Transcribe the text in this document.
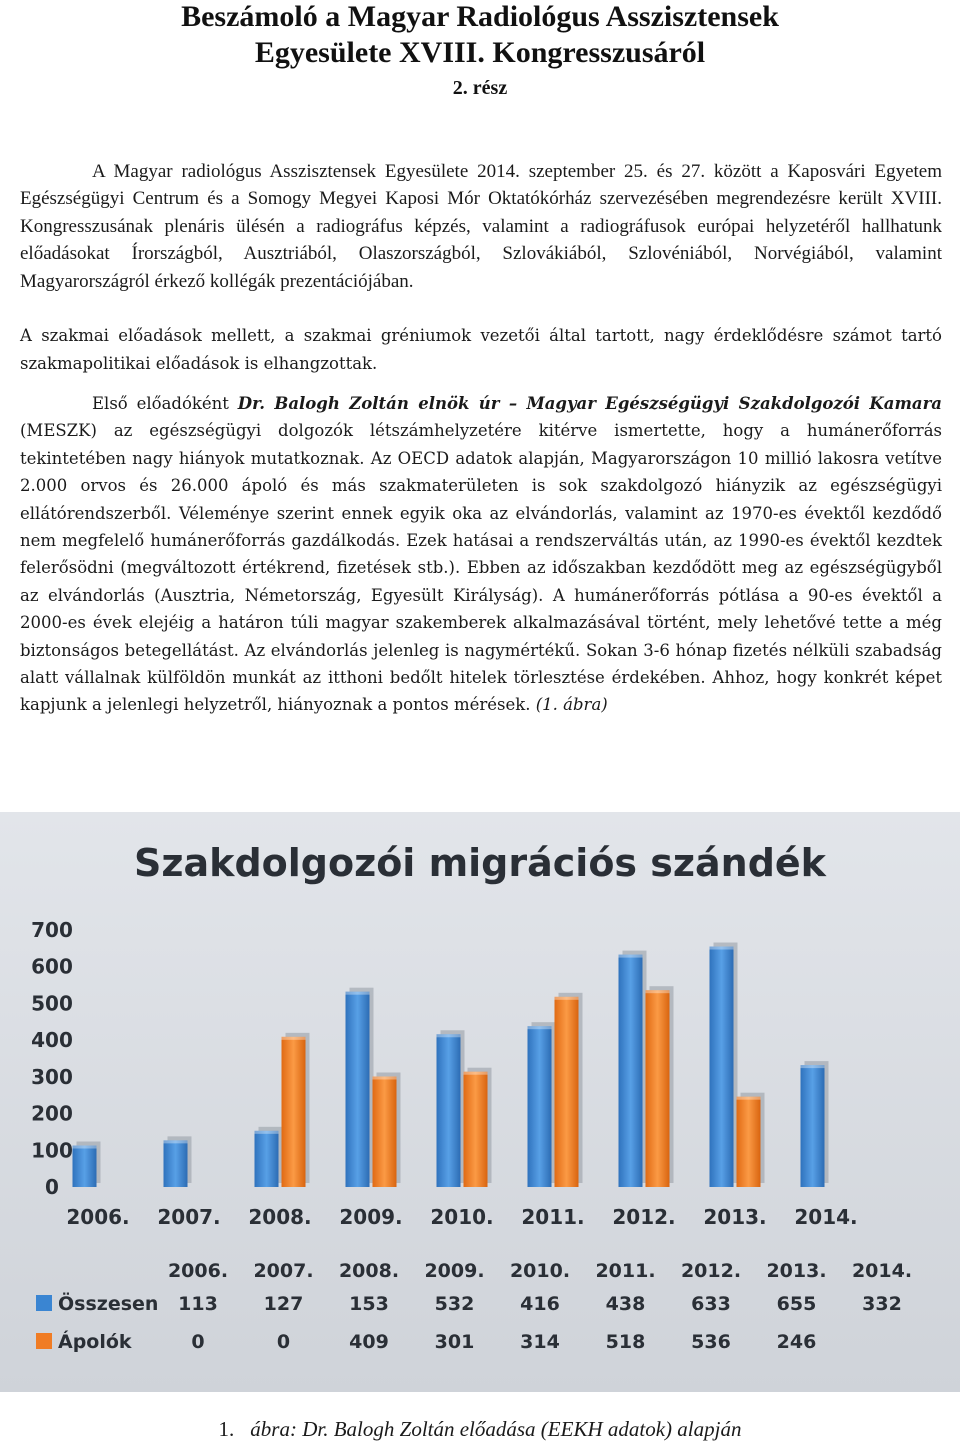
Beszámoló a Magyar Radiológus Asszisztensek
Egyesülete XVIII. Kongresszusáról
2. rész

A Magyar radiológus Asszisztensek Egyesülete 2014. szeptember 25. és 27. között a Kaposvári Egyetem Egészségügyi Centrum és a Somogy Megyei Kaposi Mór Oktatókórház szervezésében megrendezésre került XVIII. Kongresszusának plenáris ülésén a radiográfus képzés, valamint a radiográfusok európai helyzetéről hallhatunk előadásokat Írországból, Ausztriából, Olaszországból, Szlovákiából, Szlovéniából, Norvégiából, valamint Magyarországról érkező kollégák prezentációjában.

A szakmai előadások mellett, a szakmai gréniumok vezetői által tartott, nagy érdeklődésre számot tartó szakmapolitikai előadások is elhangzottak.

Első előadóként Dr. Balogh Zoltán elnök úr – Magyar Egészségügyi Szakdolgozói Kamara (MESZK) az egészségügyi dolgozók létszámhelyzetére kitérve ismertette, hogy a humánerőforrás tekintetében nagy hiányok mutatkoznak. Az OECD adatok alapján, Magyarországon 10 millió lakosra vetítve 2.000 orvos és 26.000 ápoló és más szakmaterületen is sok szakdolgozó hiányzik az egészségügyi ellátórendszerből. Véleménye szerint ennek egyik oka az elvándorlás, valamint az 1970-es évektől kezdődő nem megfelelő humánerőforrás gazdálkodás. Ezek hatásai a rendszerváltás után, az 1990-es évektől kezdtek felerősödni (megváltozott értékrend, fizetések stb.). Ebben az időszakban kezdődött meg az egészségügyből az elvándorlás (Ausztria, Németország, Egyesült Királyság). A humánerőforrás pótlása a 90-es évektől a 2000-es évek elejéig a határon túli magyar szakemberek alkalmazásával történt, mely lehetővé tette a még biztonságos betegellátást. Az elvándorlás jelenleg is nagymértékű. Sokan 3-6 hónap fizetés nélküli szabadság alatt vállalnak külföldön munkát az itthoni bedőlt hitelek törlesztése érdekében. Ahhoz, hogy konkrét képet kapjunk a jelenlegi helyzetről, hiányoznak a pontos mérések. (1. ábra)

Szakdolgozói migrációs szándék
0
100
200
300
400
500
600
700
2006. 2007. 2008. 2009. 2010. 2011. 2012. 2013. 2014.
2006. 2007. 2008. 2009. 2010. 2011. 2012. 2013. 2014.
Összesen 113 127 153 532 416 438 633 655 332
Ápolók	0	0	409 301 314 518 536 246
1. ábra: Dr. Balogh Zoltán előadása (EEKH adatok) alapján
